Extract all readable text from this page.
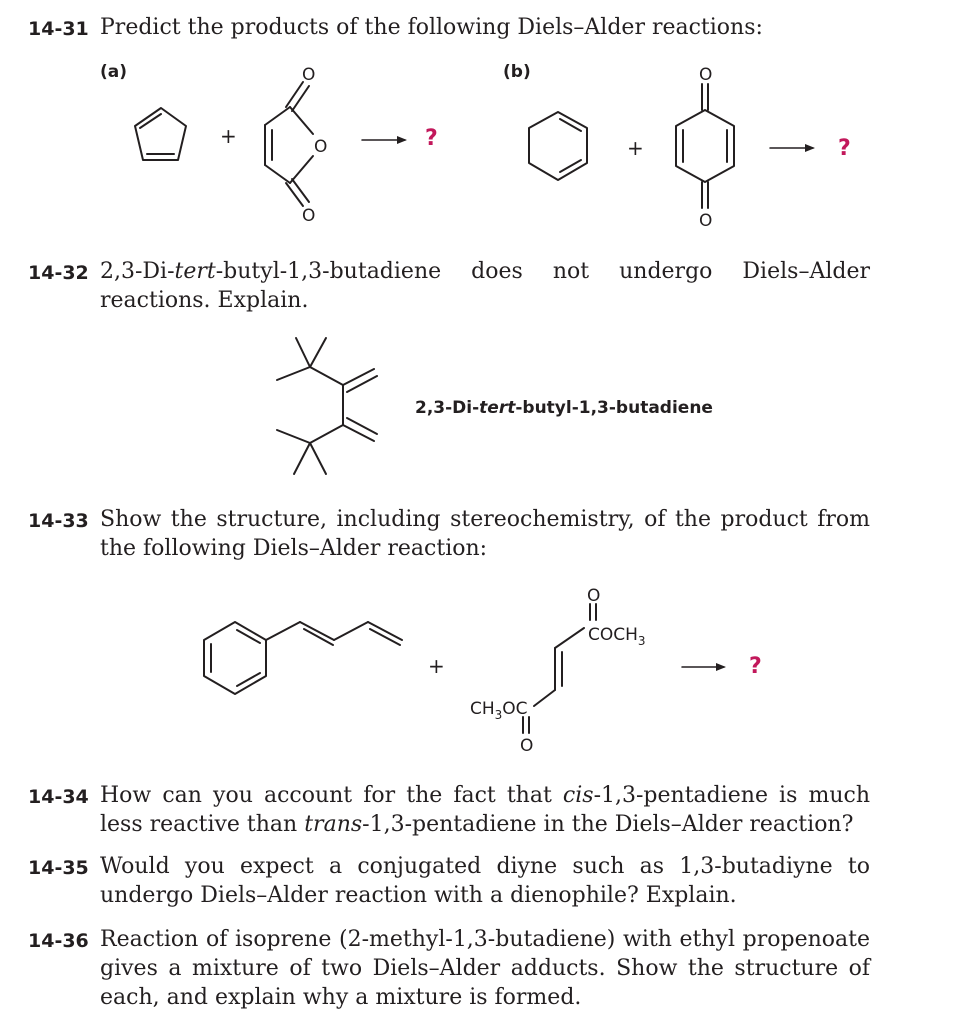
14-31 Predict the products of the following Diels–Alder reactions:
(a)	(b)
14-32 2,3-Di-tert-butyl-1,3-butadiene does not undergo Diels–Alder reactions. Explain.
2,3-Di-tert-butyl-1,3-butadiene
14-33 Show the structure, including stereochemistry, of the product from the following Diels–Alder reaction:
14-34 How can you account for the fact that cis-1,3-pentadiene is much less reactive than trans-1,3-pentadiene in the Diels–Alder reaction?
14-35 Would you expect a conjugated diyne such as 1,3-butadiyne to undergo Diels–Alder reaction with a dienophile? Explain.
14-36 Reaction of isoprene (2-methyl-1,3-butadiene) with ethyl propenoate gives a mixture of two Diels–Alder adducts. Show the structure of each, and explain why a mixture is formed.
+
O
O
O
?	+
O
O
?
+
O
$COCH_3$
$CH_3OC$
O
?
